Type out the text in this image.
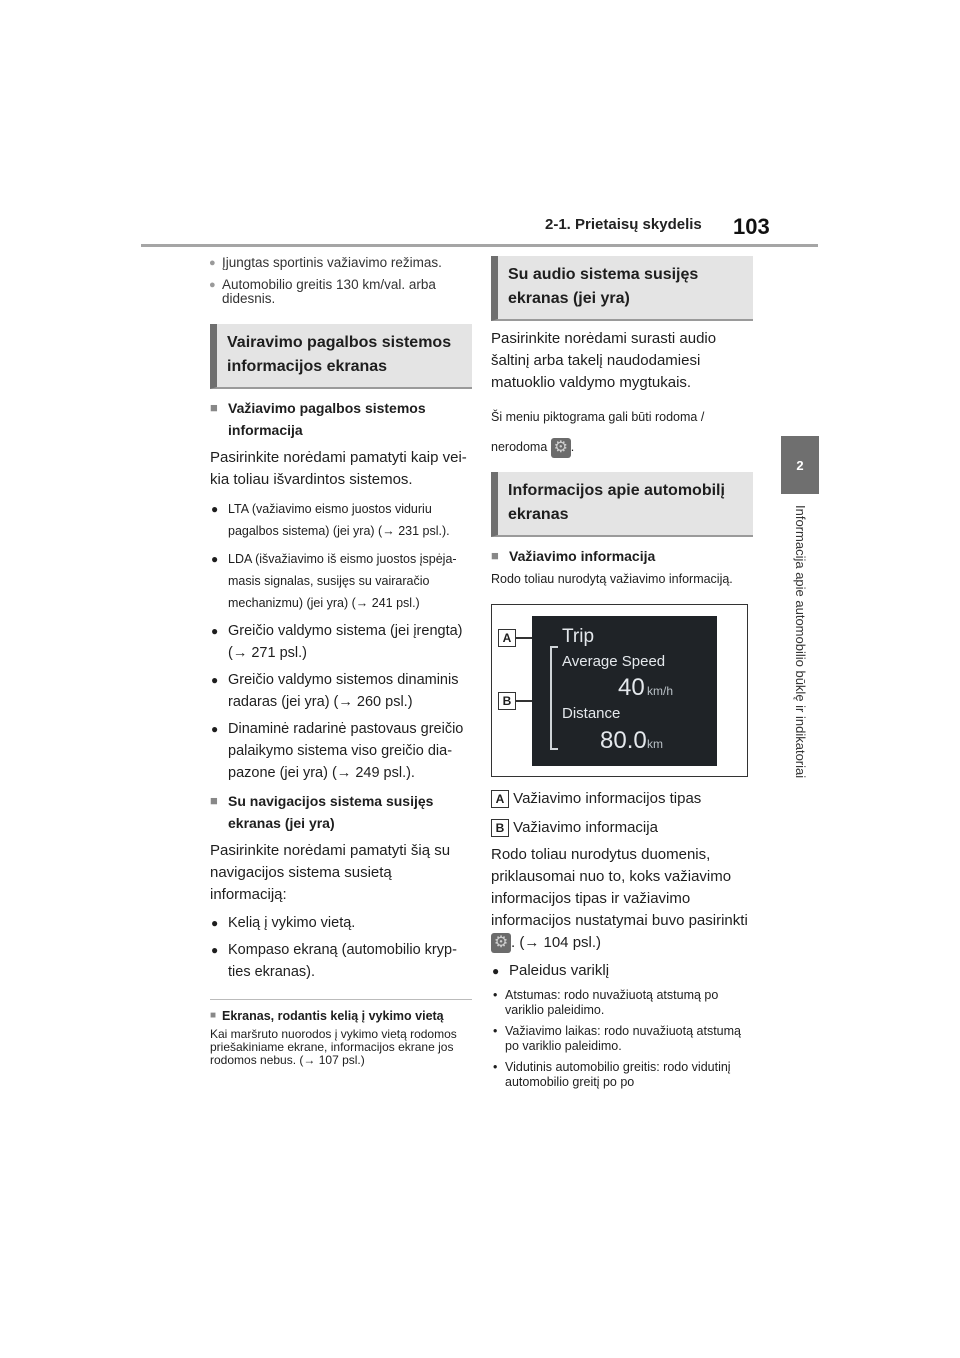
2-1. Prietaisų skydelis 103
2
Informacija apie automobilio būklę ir indikatoriai
● Įjungtas sportinis važiavimo režimas.
● Automobilio greitis 130 km/val. arba didesnis.
Vairavimo pagalbos sistemos informacijos ekranas
■ Važiavimo pagalbos sistemos informacija
Pasirinkite norėdami pamatyti kaip veikia toliau išvardintos sistemos.
● LTA (važiavimo eismo juostos viduriu pagalbos sistema) (jei yra) (→ 231 psl.).
● LDA (išvažiavimo iš eismo juostos įspėjamasis signalas, susijęs su vairaračio mechanizmu) (jei yra) (→ 241 psl.)
● Greičio valdymo sistema (jei įrengta) (→ 271 psl.)
● Greičio valdymo sistemos dinaminis radaras (jei yra) (→ 260 psl.)
● Dinaminė radarinė pastovaus greičio palaikymo sistema viso greičio diapazone (jei yra) (→ 249 psl.).
■ Su navigacijos sistema susijęs ekranas (jei yra)
Pasirinkite norėdami pamatyti šią su navigacijos sistema susietą informaciją:
● Kelią į vykimo vietą.
● Kompaso ekraną (automobilio krypties ekranas).
■ Ekranas, rodantis kelią į vykimo vietą
Kai maršruto nuorodos į vykimo vietą rodomos priešakiniame ekrane, informacijos ekrane jos rodomos nebus. (→ 107 psl.)
Su audio sistema susijęs ekranas (jei yra)
Pasirinkite norėdami surasti audio šaltinį arba takelį naudodamiesi matuoklio valdymo mygtukais.
Ši meniu piktograma gali būti rodoma / nerodoma ⚙ .
Informacijos apie automobilį ekranas
■ Važiavimo informacija
Rodo toliau nurodytą važiavimo informaciją.
A
B
Trip
Average Speed
40 km/h
Distance
80.0 km
A Važiavimo informacijos tipas
B Važiavimo informacija
Rodo toliau nurodytus duomenis, priklausomai nuo to, koks važiavimo informacijos tipas ir važiavimo informacijos nustatymai buvo pasirinkti ⚙ . (→ 104 psl.)
● Paleidus variklį
• Atstumas: rodo nuvažiuotą atstumą po variklio paleidimo.
• Važiavimo laikas: rodo nuvažiuotą atstumą po variklio paleidimo.
• Vidutinis automobilio greitis: rodo vidutinį automobilio greitį po po
